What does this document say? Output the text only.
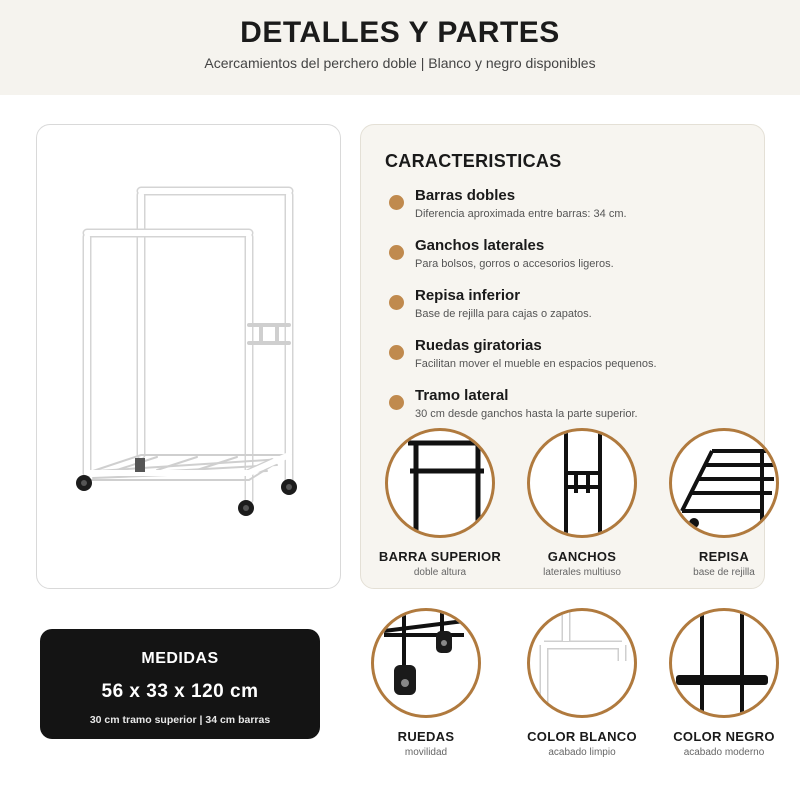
DETALLES Y PARTES

Acercamientos del perchero doble | Blanco y negro disponibles

CARACTERISTICAS
Barras dobles
Diferencia aproximada entre barras: 34 cm.
Ganchos laterales
Para bolsos, gorros o accesorios ligeros.
Repisa inferior
Base de rejilla para cajas o zapatos.
Ruedas giratorias
Facilitan mover el mueble en espacios pequenos.
Tramo lateral
30 cm desde ganchos hasta la parte superior.
BARRA SUPERIOR
doble altura
GANCHOS
laterales multiuso
REPISA
base de rejilla
RUEDAS
movilidad
COLOR BLANCO
acabado limpio
COLOR NEGRO
acabado moderno
MEDIDAS
56 x 33 x 120 cm
30 cm tramo superior | 34 cm barras
